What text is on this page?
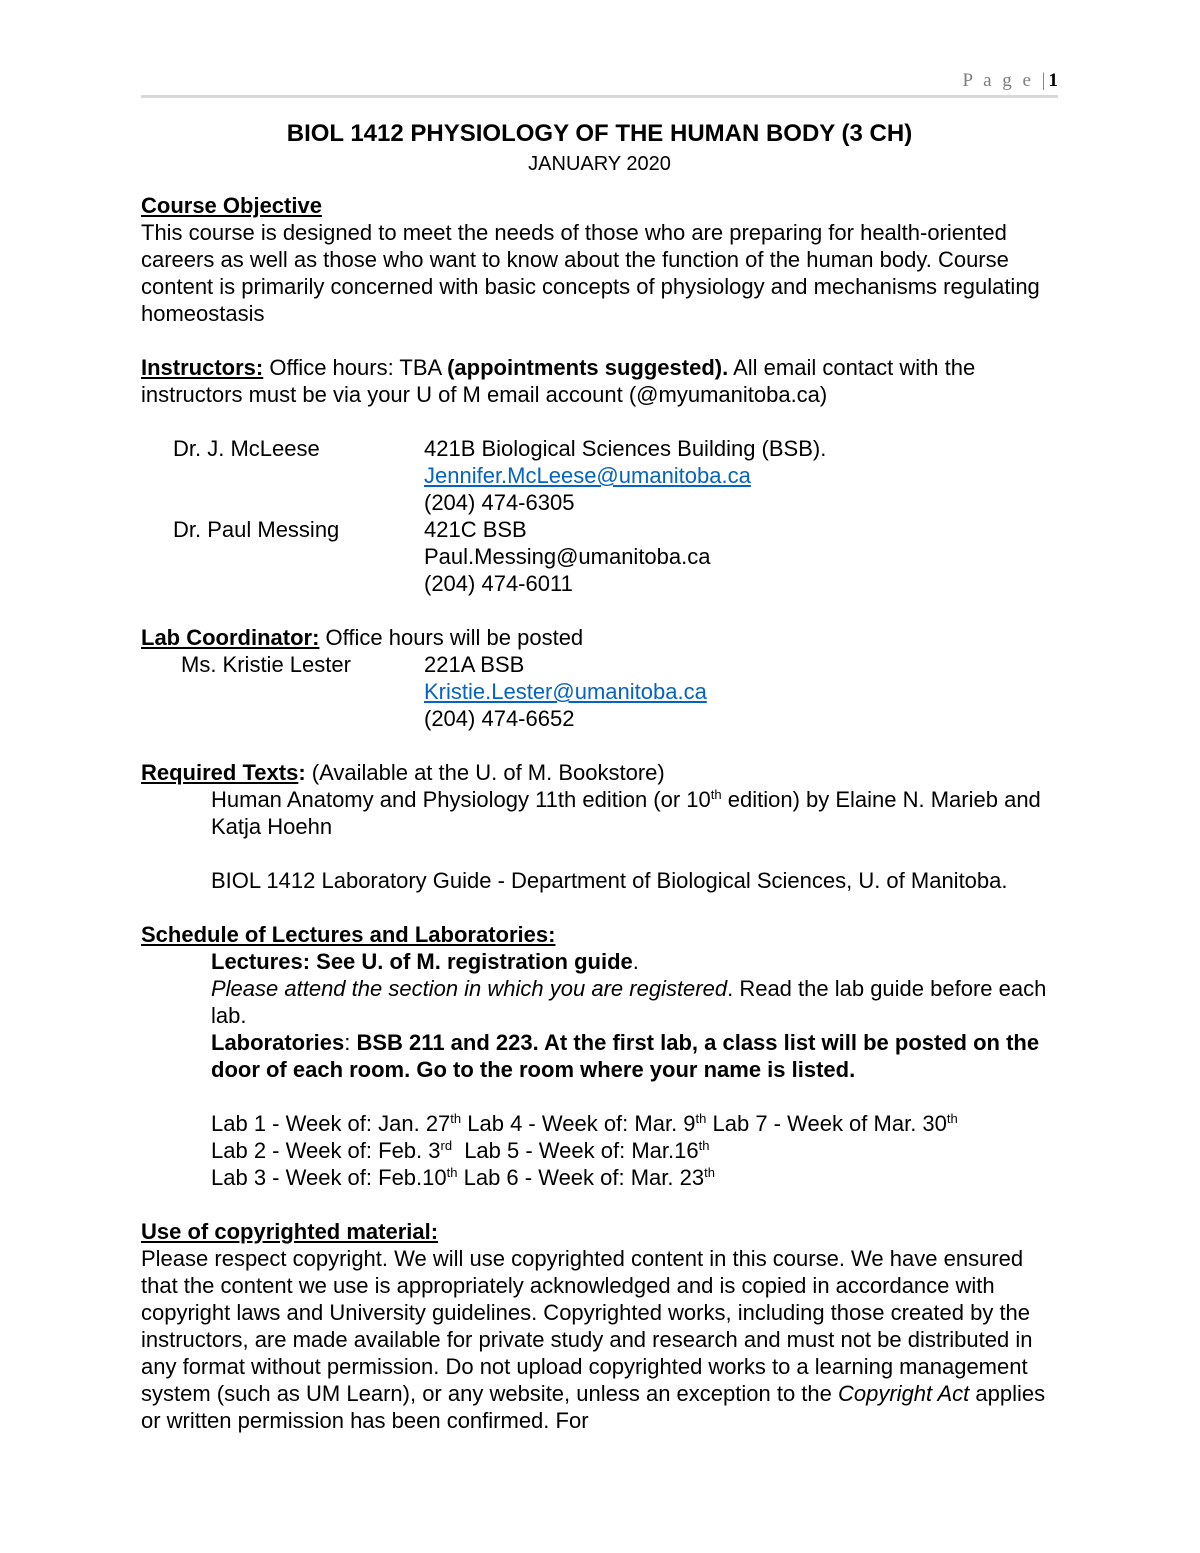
P a g e |1

BIOL 1412 PHYSIOLOGY OF THE HUMAN BODY (3 CH)

JANUARY 2020

Course Objective

This course is designed to meet the needs of those who are preparing for health-oriented careers as well as those who want to know about the function of the human body. Course content is primarily concerned with basic concepts of physiology and mechanisms regulating homeostasis

Instructors: Office hours: TBA (appointments suggested). All email contact with the instructors must be via your U of M email account (@myumanitoba.ca)

Dr. J. McLeese	421B Biological Sciences Building (BSB).
Jennifer.McLeese@umanitoba.ca
(204) 474-6305
Dr. Paul Messing	421C BSB
Paul.Messing@umanitoba.ca
(204) 474-6011

Lab Coordinator: Office hours will be posted

Ms. Kristie Lester	221A BSB
Kristie.Lester@umanitoba.ca
(204) 474-6652

Required Texts: (Available at the U. of M. Bookstore)

Human Anatomy and Physiology 11th edition (or 10th edition) by Elaine N. Marieb and Katja Hoehn

BIOL 1412 Laboratory Guide - Department of Biological Sciences, U. of Manitoba.

Schedule of Lectures and Laboratories:

Lectures: See U. of M. registration guide.

Please attend the section in which you are registered. Read the lab guide before each lab.

Laboratories: BSB 211 and 223. At the first lab, a class list will be posted on the door of each room. Go to the room where your name is listed.

Lab 1 - Week of: Jan. 27th Lab 4 - Week of: Mar. 9th Lab 7 - Week of Mar. 30th
Lab 2 - Week of: Feb. 3rd Lab 5 - Week of: Mar.16th
Lab 3 - Week of: Feb.10th Lab 6 - Week of: Mar. 23th

Use of copyrighted material:

Please respect copyright. We will use copyrighted content in this course. We have ensured that the content we use is appropriately acknowledged and is copied in accordance with copyright laws and University guidelines. Copyrighted works, including those created by the instructors, are made available for private study and research and must not be distributed in any format without permission. Do not upload copyrighted works to a learning management system (such as UM Learn), or any website, unless an exception to the Copyright Act applies or written permission has been confirmed. For
